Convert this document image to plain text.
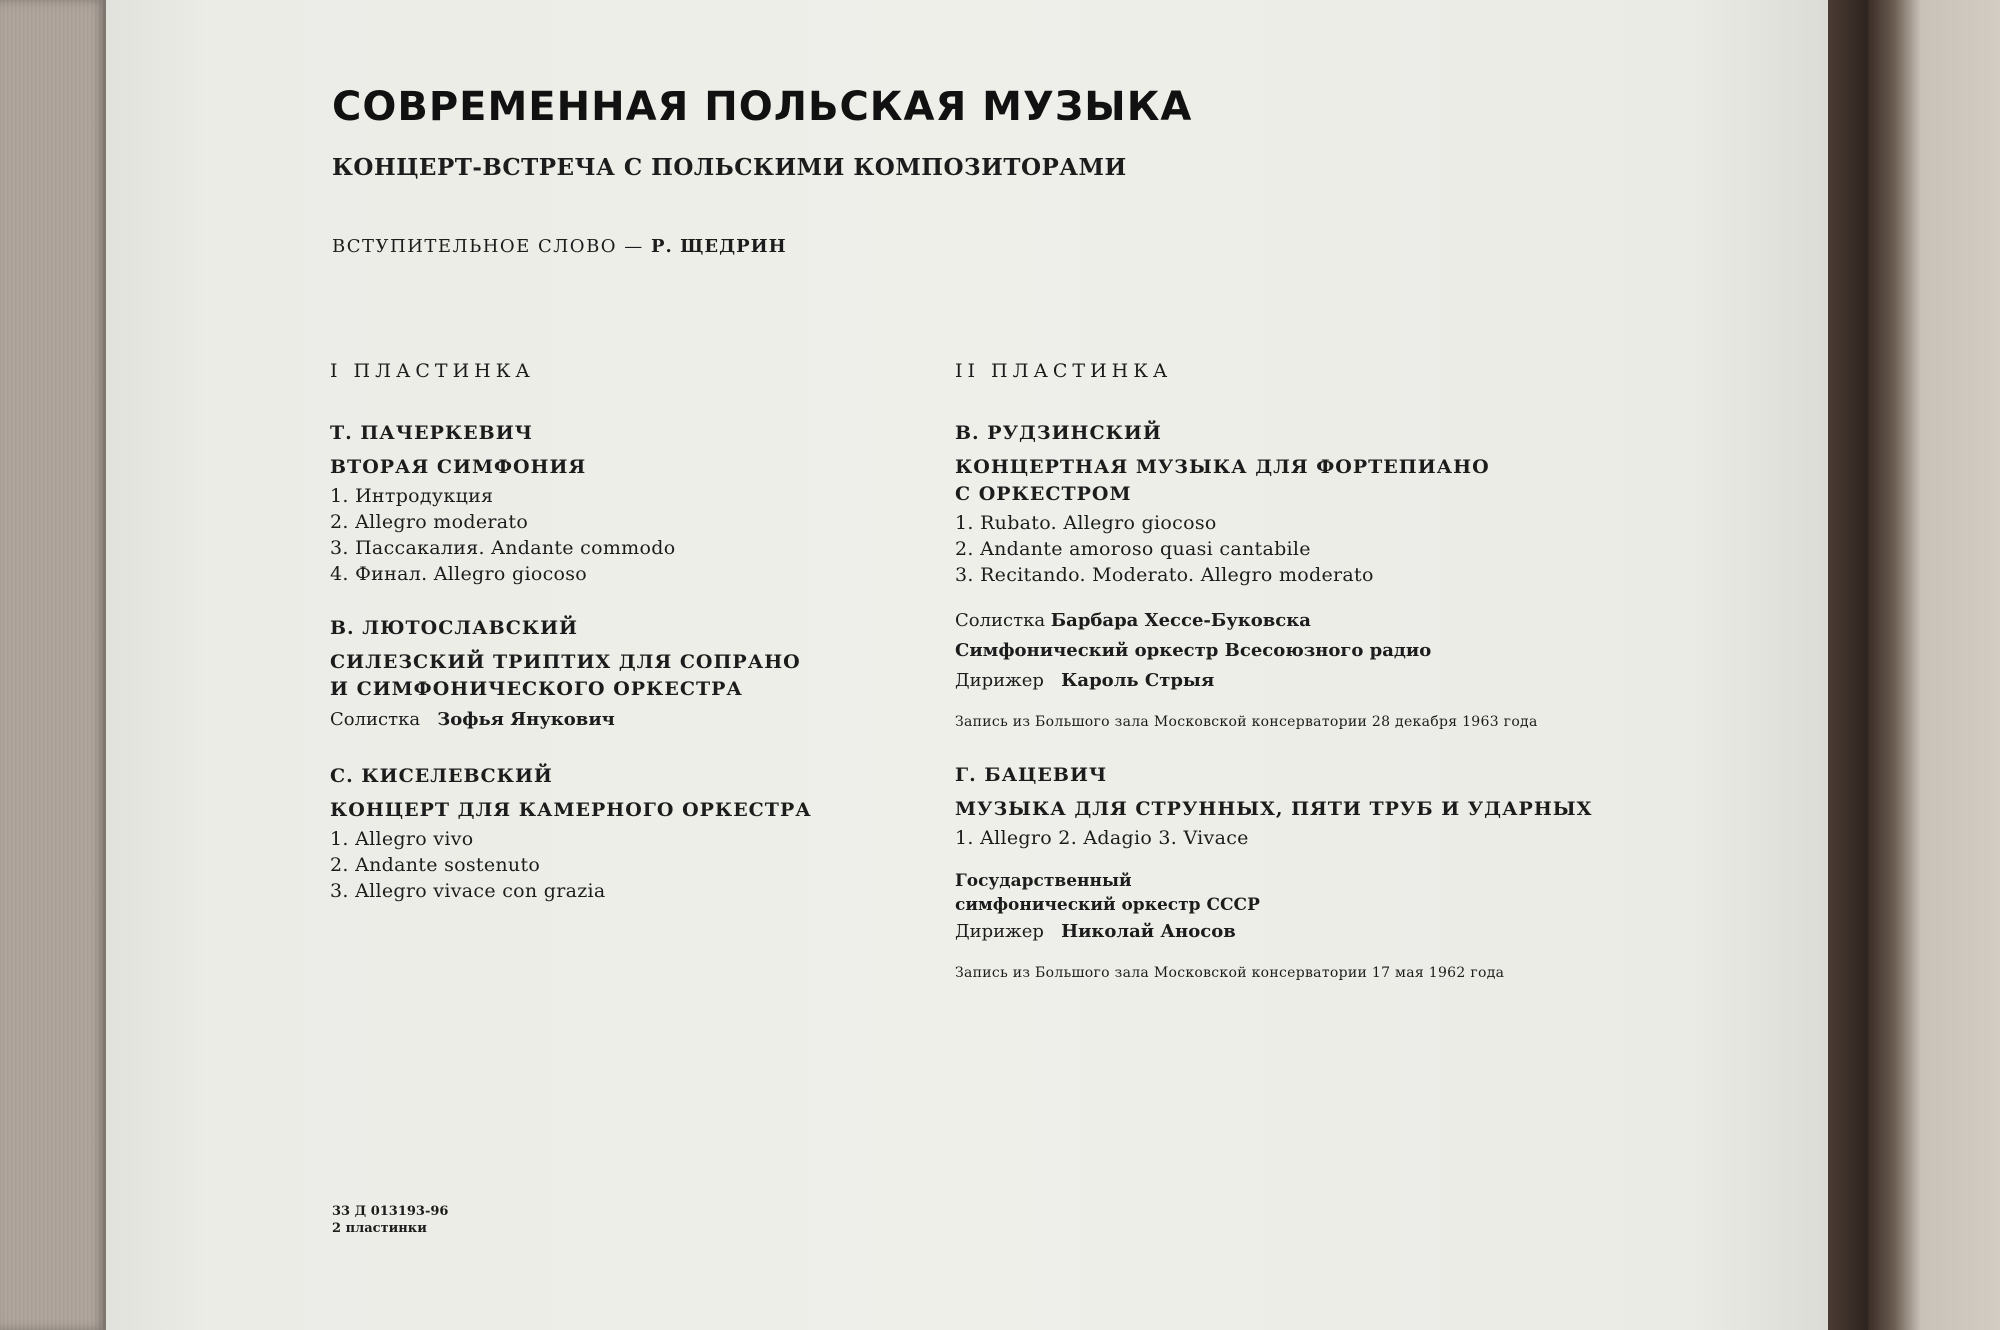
СОВРЕМЕННАЯ ПОЛЬСКАЯ МУЗЫКА
КОНЦЕРТ-ВСТРЕЧА С ПОЛЬСКИМИ КОМПОЗИТОРАМИ
ВСТУПИТЕЛЬНОЕ СЛОВО — Р. ЩЕДРИН
I ПЛАСТИНКА
Т. ПАЧЕРКЕВИЧ
ВТОРАЯ СИМФОНИЯ
1. Интродукция
2. Allegro moderato
3. Пассакалия. Andante commodo
4. Финал. Allegro giocoso
В. ЛЮТОСЛАВСКИЙ
СИЛЕЗСКИЙ ТРИПТИХ ДЛЯ СОПРАНО
И СИМФОНИЧЕСКОГО ОРКЕСТРА
Солистка Зофья Янукович
С. КИСЕЛЕВСКИЙ
КОНЦЕРТ ДЛЯ КАМЕРНОГО ОРКЕСТРА
1. Allegro vivo
2. Andante sostenuto
3. Allegro vivace con grazia
II ПЛАСТИНКА
В. РУДЗИНСКИЙ
КОНЦЕРТНАЯ МУЗЫКА ДЛЯ ФОРТЕПИАНО
С ОРКЕСТРОМ
1. Rubato. Allegro giocoso
2. Andante amoroso quasi cantabile
3. Recitando. Moderato. Allegro moderato
Солистка Барбара Хессе-Буковска
Симфонический оркестр Всесоюзного радио
Дирижер Кароль Стрыя
Запись из Большого зала Московской консерватории 28 декабря 1963 года
Г. БАЦЕВИЧ
МУЗЫКА ДЛЯ СТРУННЫХ, ПЯТИ ТРУБ И УДАРНЫХ
1. Allegro 2. Adagio 3. Vivace
Государственный
симфонический оркестр СССР
Дирижер Николай Аносов
Запись из Большого зала Московской консерватории 17 мая 1962 года
33 Д 013193-96
2 пластинки
